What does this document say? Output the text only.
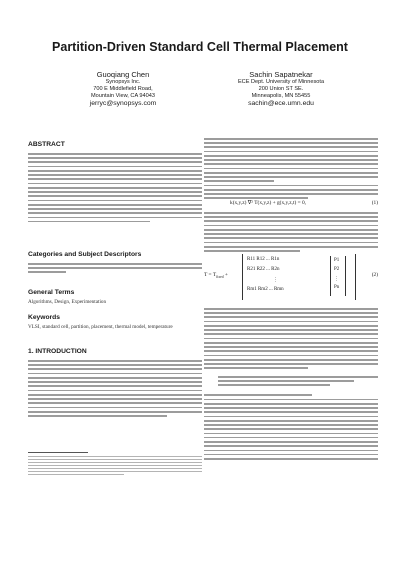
Partition-Driven Standard Cell Thermal Placement
Guoqiang Chen
Synopsys Inc.
700 E Middlefield Road,
Mountain View, CA 94043
jerryc@synopsys.com
Sachin Sapatnekar
ECE Dept. University of Minnesota
200 Union ST SE.
Minneapolis, MN 55455
sachin@ece.umn.edu
ABSTRACT
Categories and Subject Descriptors
General Terms
Algorithms, Design, Experimentation
Keywords
VLSI, standard cell, partition, placement, thermal model, temperature
1. INTRODUCTION
k(x,y,z) ∇² T(x,y,z) + g(x,y,z,t) = 0,	(1)
$T = T_{fixed}$ +
R11 R12 ... R1n
R21 R22 ... R2n
⋮
Rm1 Rm2 ... Rmn
P1
P2
⋮
Pn
(2)
